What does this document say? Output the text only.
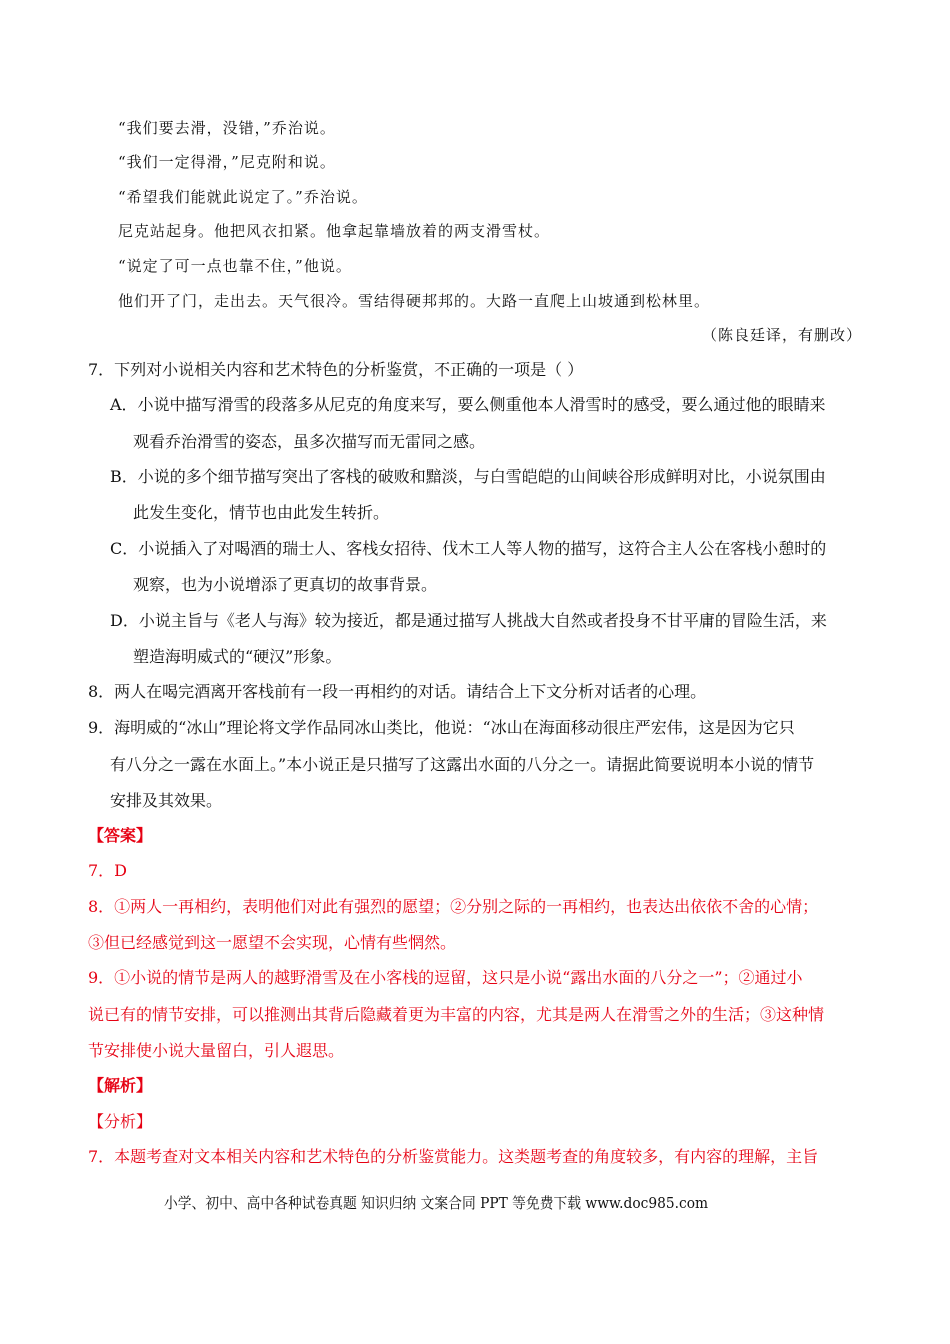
“我们要去滑，没错，”乔治说。
“我们一定得滑，”尼克附和说。
“希望我们能就此说定了。”乔治说。
尼克站起身。他把风衣扣紧。他拿起靠墙放着的两支滑雪杖。
“说定了可一点也靠不住，”他说。
他们开了门，走出去。天气很冷。雪结得硬邦邦的。大路一直爬上山坡通到松林里。
（陈良廷译，有删改）
7．下列对小说相关内容和艺术特色的分析鉴赏，不正确的一项是（ ）
A．小说中描写滑雪的段落多从尼克的角度来写，要么侧重他本人滑雪时的感受，要么通过他的眼睛来
观看乔治滑雪的姿态，虽多次描写而无雷同之感。
B．小说的多个细节描写突出了客栈的破败和黯淡，与白雪皑皑的山间峡谷形成鲜明对比，小说氛围由
此发生变化，情节也由此发生转折。
C．小说插入了对喝酒的瑞士人、客栈女招待、伐木工人等人物的描写，这符合主人公在客栈小憩时的
观察，也为小说增添了更真切的故事背景。
D．小说主旨与《老人与海》较为接近，都是通过描写人挑战大自然或者投身不甘平庸的冒险生活，来
塑造海明威式的“硬汉”形象。
8．两人在喝完酒离开客栈前有一段一再相约的对话。请结合上下文分析对话者的心理。
9．海明威的“冰山”理论将文学作品同冰山类比，他说：“冰山在海面移动很庄严宏伟，这是因为它只
有八分之一露在水面上。”本小说正是只描写了这露出水面的八分之一。请据此简要说明本小说的情节
安排及其效果。
【答案】
7．D
8．①两人一再相约，表明他们对此有强烈的愿望；②分别之际的一再相约，也表达出依依不舍的心情；
③但已经感觉到这一愿望不会实现，心情有些惘然。
9．①小说的情节是两人的越野滑雪及在小客栈的逗留，这只是小说“露出水面的八分之一”；②通过小
说已有的情节安排，可以推测出其背后隐藏着更为丰富的内容，尤其是两人在滑雪之外的生活；③这种情
节安排使小说大量留白，引人遐思。
【解析】
【分析】
7．本题考查对文本相关内容和艺术特色的分析鉴赏能力。这类题考查的角度较多，有内容的理解，主旨
小学、初中、高中各种试卷真题 知识归纳 文案合同 PPT 等免费下载 www.doc985.com
